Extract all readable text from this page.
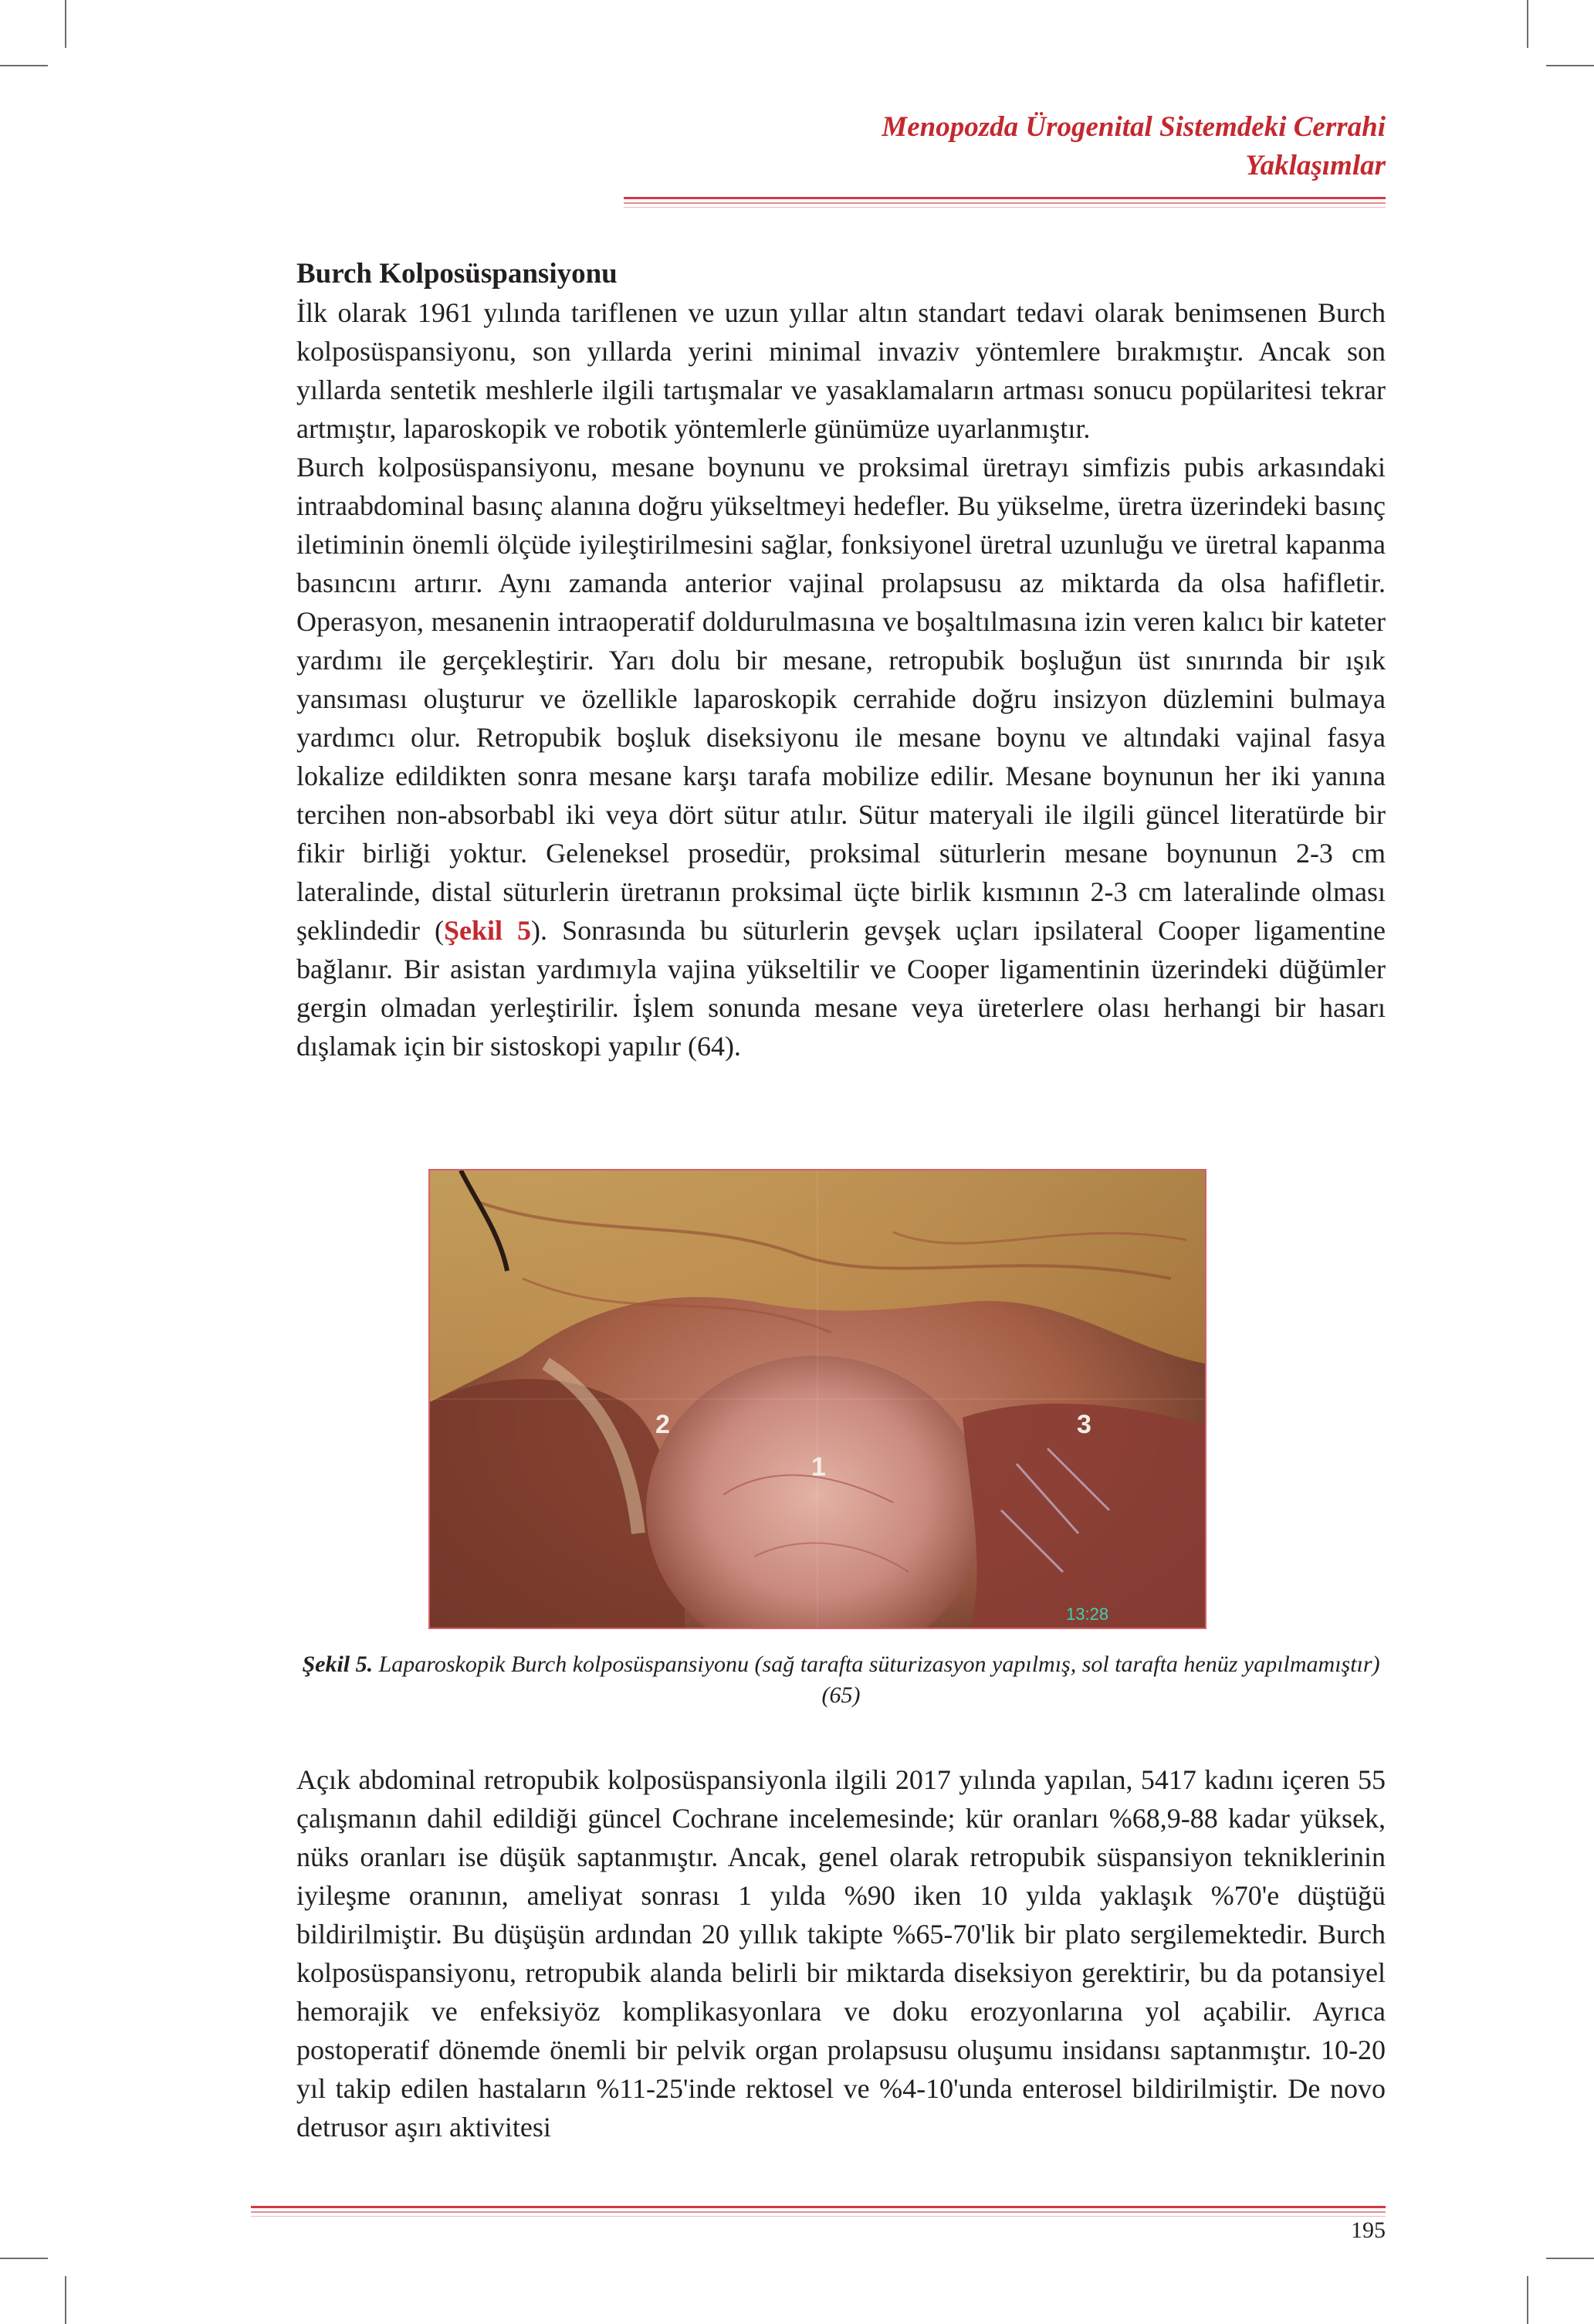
Menopozda Ürogenital Sistemdeki Cerrahi
Yaklaşımlar
Burch Kolposüspansiyonu

İlk olarak 1961 yılında tariflenen ve uzun yıllar altın standart tedavi olarak benimsenen Burch kolposüspansiyonu, son yıllarda yerini minimal invaziv yöntemlere bırakmıştır. Ancak son yıllarda sentetik meshlerle ilgili tartışmalar ve yasaklamaların artması sonucu popülaritesi tekrar artmıştır, laparoskopik ve robotik yöntemlerle günümüze uyarlanmıştır.

Burch kolposüspansiyonu, mesane boynunu ve proksimal üretrayı simfizis pubis arkasındaki intraabdominal basınç alanına doğru yükseltmeyi hedefler. Bu yükselme, üretra üzerindeki basınç iletiminin önemli ölçüde iyileştirilmesini sağlar, fonksiyonel üretral uzunluğu ve üretral kapanma basıncını artırır. Aynı zamanda anterior vajinal prolapsusu az miktarda da olsa hafifletir. Operasyon, mesanenin intraoperatif doldurulmasına ve boşaltılmasına izin veren kalıcı bir kateter yardımı ile gerçekleştirir. Yarı dolu bir mesane, retropubik boşluğun üst sınırında bir ışık yansıması oluşturur ve özellikle laparoskopik cerrahide doğru insizyon düzlemini bulmaya yardımcı olur. Retropubik boşluk diseksiyonu ile mesane boynu ve altındaki vajinal fasya lokalize edildikten sonra mesane karşı tarafa mobilize edilir. Mesane boynunun her iki yanına tercihen non-absorbabl iki veya dört sütur atılır. Sütur materyali ile ilgili güncel literatürde bir fikir birliği yoktur. Geleneksel prosedür, proksimal süturlerin mesane boynunun 2-3 cm lateralinde, distal süturlerin üretranın proksimal üçte birlik kısmının 2-3 cm lateralinde olması şeklindedir (Şekil 5). Sonrasında bu süturlerin gevşek uçları ipsilateral Cooper ligamentine bağlanır. Bir asistan yardımıyla vajina yükseltilir ve Cooper ligamentinin üzerindeki düğümler gergin olmadan yerleştirilir. İşlem sonunda mesane veya üreterlere olası herhangi bir hasarı dışlamak için bir sistoskopi yapılır (64).

2
1
3
13:28
Şekil 5. Laparoskopik Burch kolposüspansiyonu (sağ tarafta süturizasyon yapılmış, sol tarafta henüz yapılmamıştır) (65)

Açık abdominal retropubik kolposüspansiyonla ilgili 2017 yılında yapılan, 5417 kadını içeren 55 çalışmanın dahil edildiği güncel Cochrane incelemesinde; kür oranları %68,9-88 kadar yüksek, nüks oranları ise düşük saptanmıştır. Ancak, genel olarak retropubik süspansiyon tekniklerinin iyileşme oranının, ameliyat sonrası 1 yılda %90 iken 10 yılda yaklaşık %70'e düştüğü bildirilmiştir. Bu düşüşün ardından 20 yıllık takipte %65-70'lik bir plato sergilemektedir. Burch kolposüspansiyonu, retropubik alanda belirli bir miktarda diseksiyon gerektirir, bu da potansiyel hemorajik ve enfeksiyöz komplikasyonlara ve doku erozyonlarına yol açabilir. Ayrıca postoperatif dönemde önemli bir pelvik organ prolapsusu oluşumu insidansı saptanmıştır. 10-20 yıl takip edilen hastaların %11-25'inde rektosel ve %4-10'unda enterosel bildirilmiştir. De novo detrusor aşırı aktivitesi

195
